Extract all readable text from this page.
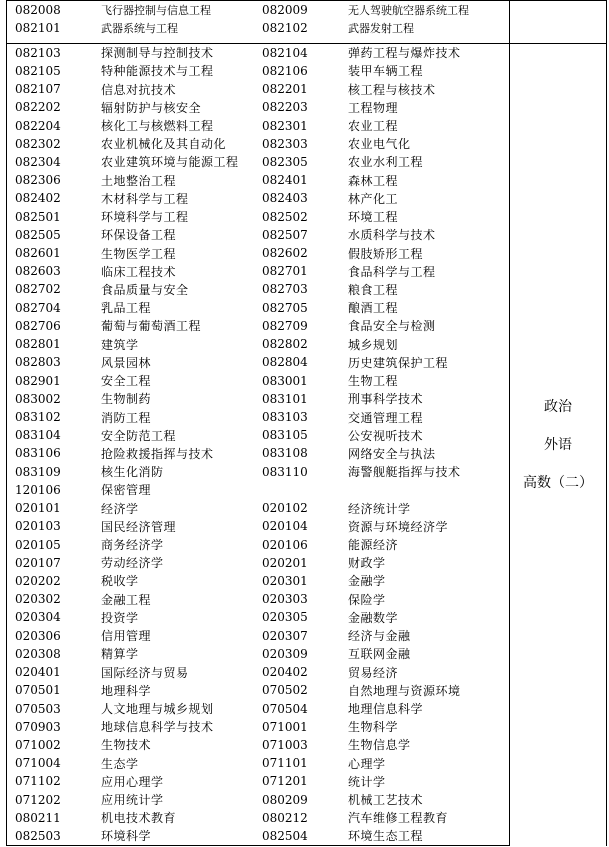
082008	飞行器控制与信息工程	082009	无人驾驶航空器系统工程	
082101	武器系统与工程	082102	武器发射工程	

082103	探测制导与控制技术	082104	弹药工程与爆炸技术	政治
外语
高数（二）

082105	特种能源技术与工程	082106	装甲车辆工程	
082107	信息对抗技术	082201	核工程与核技术	
082202	辐射防护与核安全	082203	工程物理	
082204	核化工与核燃料工程	082301	农业工程	
082302	农业机械化及其自动化	082303	农业电气化	
082304	农业建筑环境与能源工程	082305	农业水利工程	
082306	土地整治工程	082401	森林工程	
082402	木材科学与工程	082403	林产化工	
082501	环境科学与工程	082502	环境工程	
082505	环保设备工程	082507	水质科学与技术	
082601	生物医学工程	082602	假肢矫形工程	
082603	临床工程技术	082701	食品科学与工程	
082702	食品质量与安全	082703	粮食工程	
082704	乳品工程	082705	酿酒工程	
082706	葡萄与葡萄酒工程	082709	食品安全与检测	
082801	建筑学	082802	城乡规划	
082803	风景园林	082804	历史建筑保护工程	
082901	安全工程	083001	生物工程	
083002	生物制药	083101	刑事科学技术	
083102	消防工程	083103	交通管理工程	
083104	安全防范工程	083105	公安视听技术	
083106	抢险救援指挥与技术	083108	网络安全与执法	
083109	核生化消防	083110	海警舰艇指挥与技术	
120106	保密管理			
020101	经济学	020102	经济统计学	
020103	国民经济管理	020104	资源与环境经济学	
020105	商务经济学	020106	能源经济	
020107	劳动经济学	020201	财政学	
020202	税收学	020301	金融学	
020302	金融工程	020303	保险学	
020304	投资学	020305	金融数学	
020306	信用管理	020307	经济与金融	
020308	精算学	020309	互联网金融	
020401	国际经济与贸易	020402	贸易经济	
070501	地理科学	070502	自然地理与资源环境	
070503	人文地理与城乡规划	070504	地理信息科学	
070903	地球信息科学与技术	071001	生物科学	
071002	生物技术	071003	生物信息学	
071004	生态学	071101	心理学	
071102	应用心理学	071201	统计学	
071202	应用统计学	080209	机械工艺技术	
080211	机电技术教育	080212	汽车维修工程教育	
082503	环境科学	082504	环境生态工程	
